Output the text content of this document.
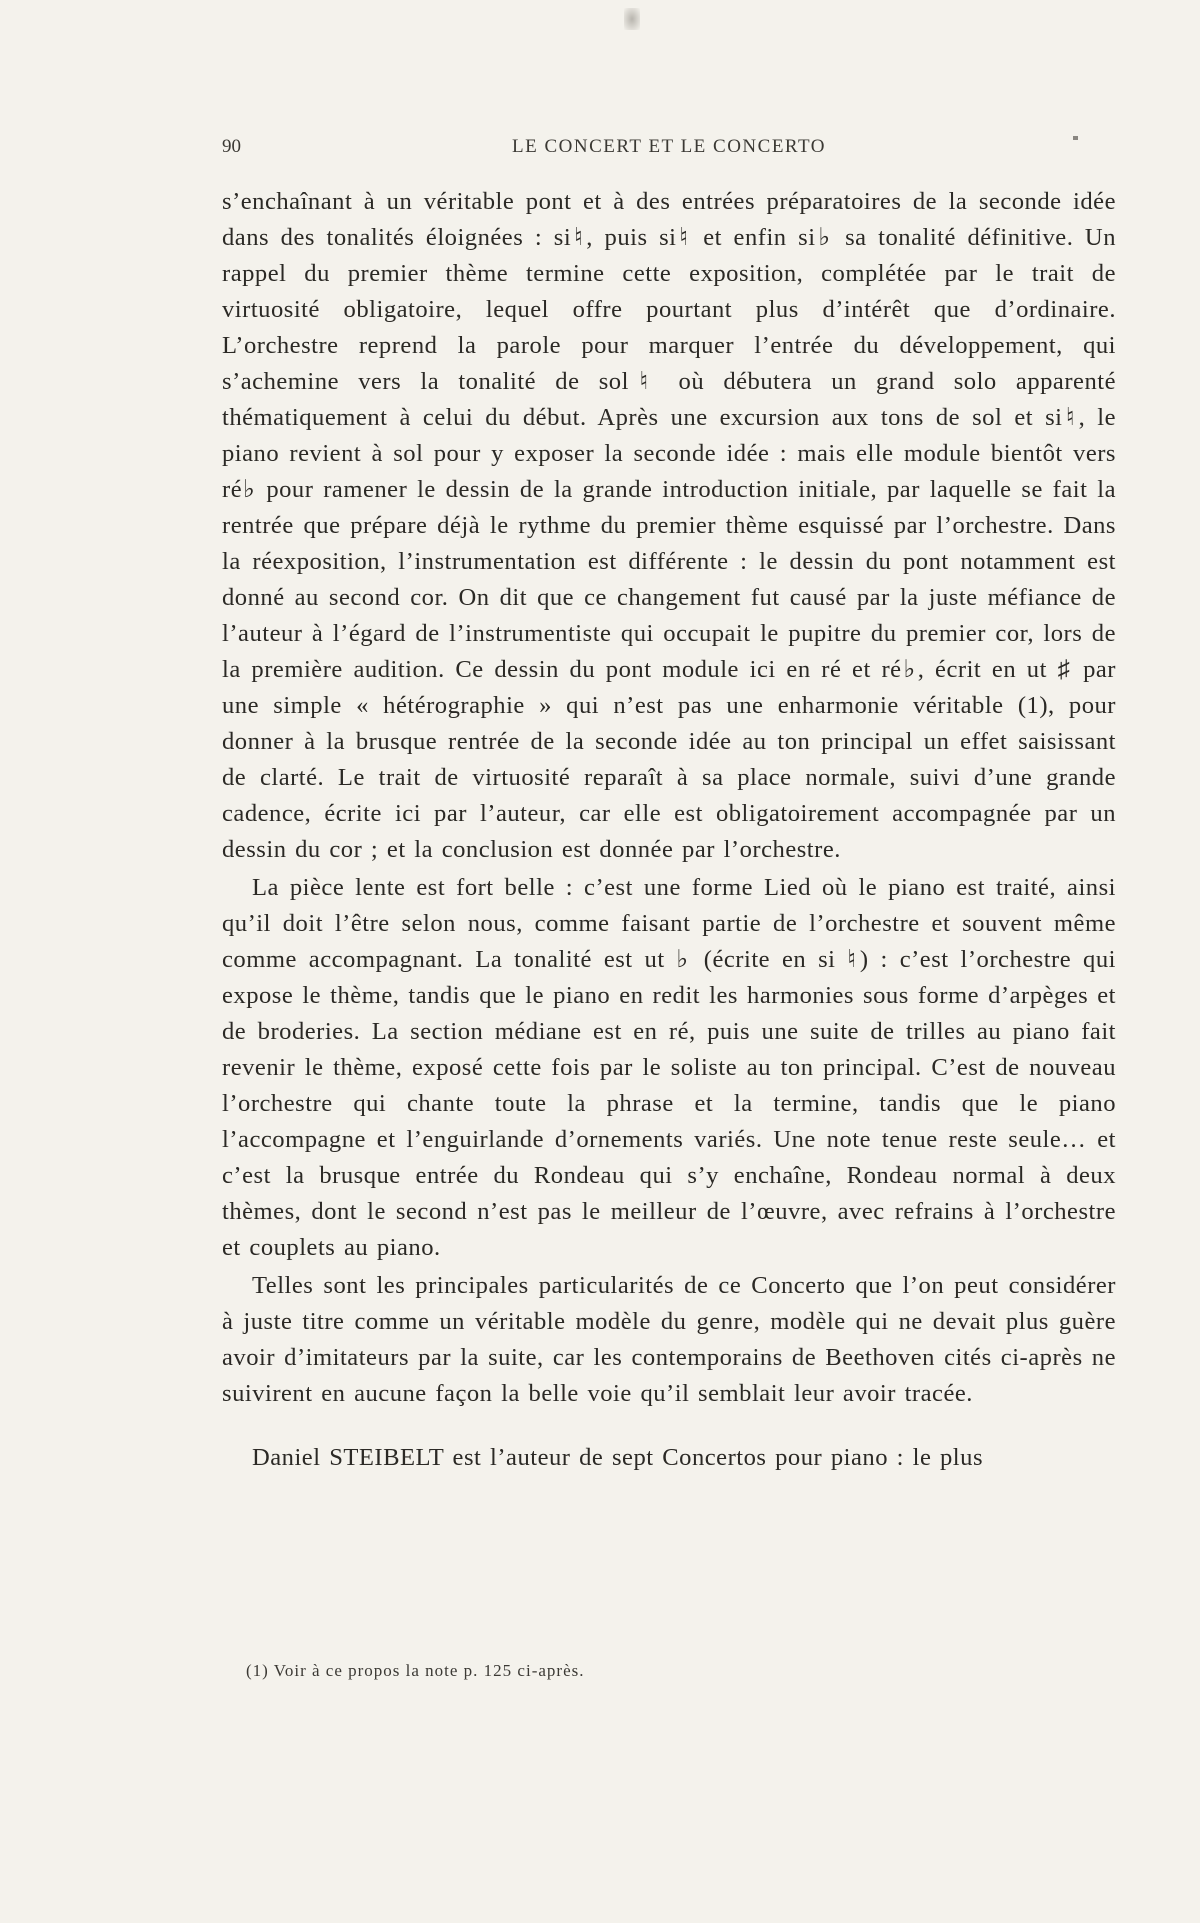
90	LE CONCERT ET LE CONCERTO

s’enchaînant à un véritable pont et à des entrées préparatoires de la seconde idée dans des tonalités éloignées : si♮, puis si♮ et enfin si♭ sa tonalité définitive. Un rappel du premier thème termine cette exposition, complétée par le trait de virtuosité obligatoire, lequel offre pourtant plus d’intérêt que d’ordinaire. L’orchestre reprend la parole pour marquer l’entrée du développement, qui s’achemine vers la tonalité de sol♮ où débutera un grand solo apparenté thématiquement à celui du début. Après une excursion aux tons de sol et si♮, le piano revient à sol pour y exposer la seconde idée : mais elle module bientôt vers ré♭ pour ramener le dessin de la grande introduction initiale, par laquelle se fait la rentrée que prépare déjà le rythme du premier thème esquissé par l’orchestre. Dans la réexposition, l’instrumentation est différente : le dessin du pont notamment est donné au second cor. On dit que ce changement fut causé par la juste méfiance de l’auteur à l’égard de l’instrumentiste qui occupait le pupitre du premier cor, lors de la première audition. Ce dessin du pont module ici en ré et ré♭, écrit en ut ♯ par une simple « hétérographie » qui n’est pas une enharmonie véritable (1), pour donner à la brusque rentrée de la seconde idée au ton principal un effet saisissant de clarté. Le trait de virtuosité reparaît à sa place normale, suivi d’une grande cadence, écrite ici par l’auteur, car elle est obligatoirement accompagnée par un dessin du cor ; et la conclusion est donnée par l’orchestre.

La pièce lente est fort belle : c’est une forme Lied où le piano est traité, ainsi qu’il doit l’être selon nous, comme faisant partie de l’orchestre et souvent même comme accompagnant. La tonalité est ut ♭ (écrite en si ♮) : c’est l’orchestre qui expose le thème, tandis que le piano en redit les harmonies sous forme d’arpèges et de broderies. La section médiane est en ré, puis une suite de trilles au piano fait revenir le thème, exposé cette fois par le soliste au ton principal. C’est de nouveau l’orchestre qui chante toute la phrase et la termine, tandis que le piano l’accompagne et l’enguirlande d’ornements variés. Une note tenue reste seule… et c’est la brusque entrée du Rondeau qui s’y enchaîne, Rondeau normal à deux thèmes, dont le second n’est pas le meilleur de l’œuvre, avec refrains à l’orchestre et couplets au piano.

Telles sont les principales particularités de ce Concerto que l’on peut considérer à juste titre comme un véritable modèle du genre, modèle qui ne devait plus guère avoir d’imitateurs par la suite, car les contemporains de Beethoven cités ci-après ne suivirent en aucune façon la belle voie qu’il semblait leur avoir tracée.

Daniel STEIBELT est l’auteur de sept Concertos pour piano : le plus

(1) Voir à ce propos la note p. 125 ci-après.
